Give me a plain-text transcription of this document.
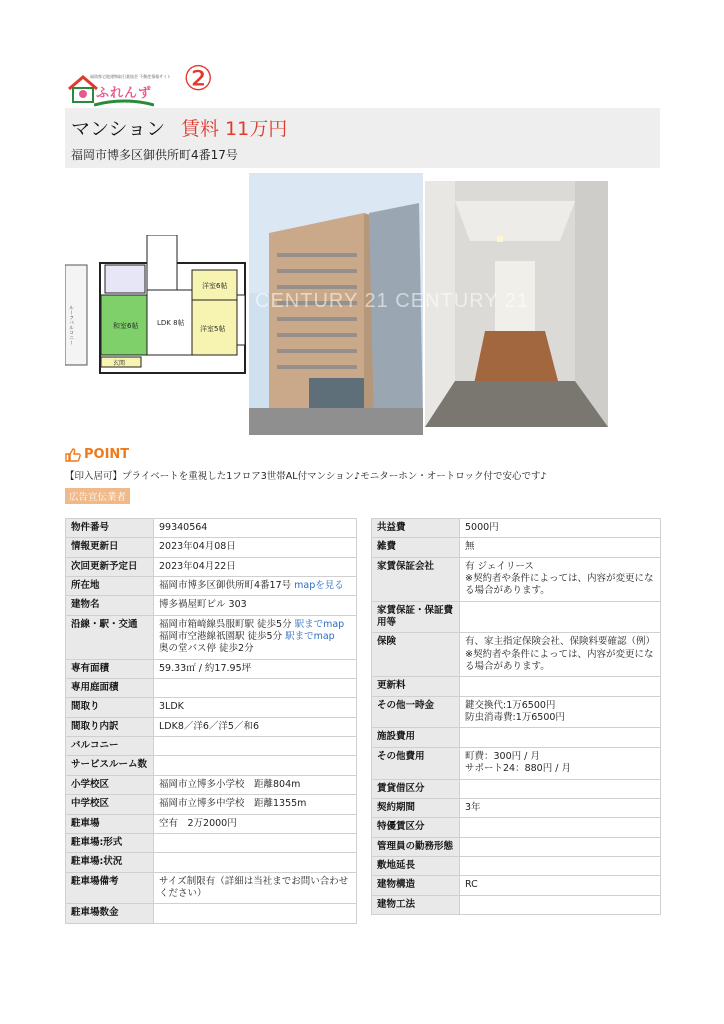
福岡県宅地建物取引業協会 不動産情報サイト
ふれんず ②
マンション 賃料 11万円
福岡市博多区御供所町4番17号
ルーフバルコニー	和室6帖	LDK 8帖
洋室6帖
洋室5帖
玄関
CENTURY 21 CENTURY 21
POINT
【印入居可】プライベートを重視した1フロア3世帯AL付マンション♪モニターホン・オートロック付で安心です♪
広告宣伝業者
物件番号	99340564
情報更新日	2023年04月08日
次回更新予定日	2023年04月22日
所在地	福岡市博多区御供所町4番17号 mapを見る
建物名	博多禍屋町ビル 303
沿線・駅・交通	福岡市箱崎線呉服町駅 徒歩5分 駅までmap
福岡市空港線祇園駅 徒歩5分 駅までmap
奥の堂バス停 徒歩2分

専有面積	59.33㎡ / 約17.95坪
専用庭面積	
間取り	3LDK
間取り内訳	LDK8／洋6／洋5／和6
バルコニー	
サービスルーム数	
小学校区	福岡市立博多小学校　距離804m
中学校区	福岡市立博多中学校　距離1355m
駐車場	空有　2万2000円
駐車場:形式	
駐車場:状況	
駐車場備考	サイズ制限有（詳細は当社までお問い合わせください）
駐車場数金	
共益費	5000円
雑費	無
家賃保証会社	有 ジェイリース
※契約者や条件によっては、内容が変更になる場合があります。

家賃保証・保証費用等	
保険	有、家主指定保険会社、保険料要確認（例）
※契約者や条件によっては、内容が変更になる場合があります。

更新料	
その他一時金	鍵交換代:1万6500円
防虫消毒費:1万6500円

施設費用	
その他費用	町費：300円 / 月
サポート24：880円 / 月

賃貸借区分	
契約期間	3年
特優賃区分	
管理員の勤務形態	
敷地延長	
建物構造	RC
建物工法	
